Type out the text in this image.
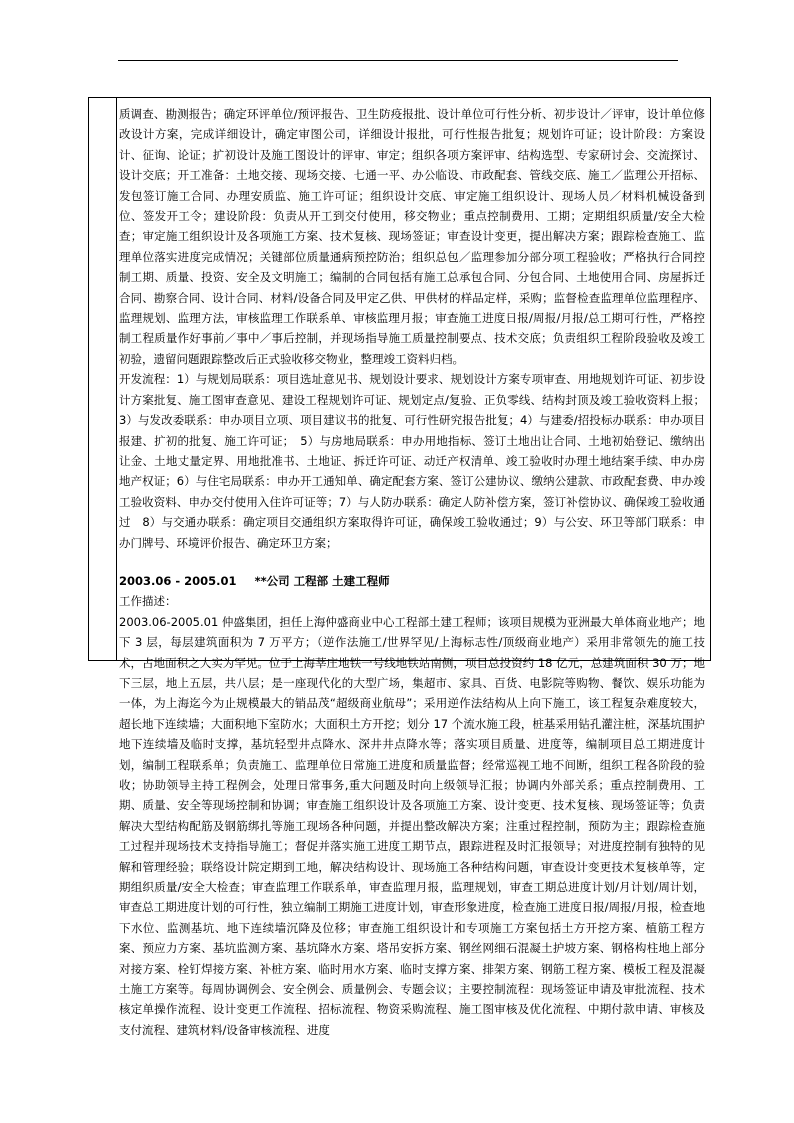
质调查、勘测报告；确定环评单位/预评报告、卫生防疫报批、设计单位可行性分析、初步设计／评审，设计单位修改设计方案，完成详细设计，确定审图公司，详细设计报批，可行性报告批复；规划许可证；设计阶段：方案设计、征询、论证；扩初设计及施工图设计的评审、审定；组织各项方案评审、结构选型、专家研讨会、交流探讨、设计交底；开工准备：土地交接、现场交接、七通一平、办公临设、市政配套、管线交底、施工／监理公开招标、发包签订施工合同、办理安质监、施工许可证；组织设计交底、审定施工组织设计、现场人员／材料机械设备到位、签发开工令；建设阶段：负责从开工到交付使用，移交物业；重点控制费用、工期；定期组织质量/安全大检查；审定施工组织设计及各项施工方案、技术复核、现场签证；审查设计变更，提出解决方案；跟踪检查施工、监理单位落实进度完成情况；关键部位质量通病预控防治；组织总包／监理参加分部分项工程验收；严格执行合同控制工期、质量、投资、安全及文明施工；编制的合同包括有施工总承包合同、分包合同、土地使用合同、房屋拆迁合同、勘察合同、设计合同、材料/设备合同及甲定乙供、甲供材的样品定样，采购；监督检查监理单位监理程序、监理规划、监理方法，审核监理工作联系单、审核监理月报；审查施工进度日报/周报/月报/总工期可行性，严格控制工程质量作好事前／事中／事后控制，并现场指导施工质量控制要点、技术交底；负责组织工程阶段验收及竣工初验，遗留问题跟踪整改后正式验收移交物业，整理竣工资料归档。

开发流程：1）与规划局联系：项目选址意见书、规划设计要求、规划设计方案专项审查、用地规划许可证、初步设计方案批复、施工图审查意见、建设工程规划许可证、规划定点/复验、正负零线、结构封顶及竣工验收资料上报；3）与发改委联系：申办项目立项、项目建议书的批复、可行性研究报告批复；4）与建委/招投标办联系：申办项目报建、扩初的批复、施工许可证；　5）与房地局联系：申办用地指标、签订土地出让合同、土地初始登记、缴纳出让金、土地丈量定界、用地批准书、土地证、拆迁许可证、动迁产权清单、竣工验收时办理土地结案手续、申办房地产权证；6）与住宅局联系：申办开工通知单、确定配套方案、签订公建协议、缴纳公建款、市政配套费、申办竣工验收资料、申办交付使用入住许可证等；7）与人防办联系：确定人防补偿方案，签订补偿协议、确保竣工验收通过　8）与交通办联系：确定项目交通组织方案取得许可证，确保竣工验收通过；9）与公安、环卫等部门联系：申办门牌号、环境评价报告、确定环卫方案；

2003.06 - 2005.01 **公司 工程部 土建工程师

工作描述：

2003.06-2005.01 仲盛集团，担任上海仲盛商业中心工程部土建工程师；该项目规模为亚洲最大单体商业地产；地下 3 层，每层建筑面积为 7 万平方；（逆作法施工/世界罕见/上海标志性/顶级商业地产）采用非常领先的施工技术，占地面积之大实为罕见。位于上海莘庄地铁一号线地铁站南侧，项目总投资约 18 亿元，总建筑面积 30 万；地下三层，地上五层，共八层；是一座现代化的大型广场，集超市、家具、百货、电影院等购物、餐饮、娱乐功能为一体，为上海迄今为止规模最大的销品茂“超级商业航母”；采用逆作法结构从上向下施工，该工程复杂难度较大，超长地下连续墙；大面积地下室防水；大面积土方开挖；划分 17 个流水施工段，桩基采用钻孔灌注桩，深基坑围护地下连续墙及临时支撑，基坑轻型井点降水、深井井点降水等；落实项目质量、进度等，编制项目总工期进度计划，编制工程联系单；负责施工、监理单位日常施工进度和质量监督；经常巡视工地不间断，组织工程各阶段的验收；协助领导主持工程例会，处理日常事务,重大问题及时向上级领导汇报；协调内外部关系；重点控制费用、工期、质量、安全等现场控制和协调；审查施工组织设计及各项施工方案、设计变更、技术复核、现场签证等；负责解决大型结构配筋及钢筋绑扎等施工现场各种问题，并提出整改解决方案；注重过程控制，预防为主；跟踪检查施工过程并现场技术支持指导施工；督促并落实施工进度工期节点，跟踪进程及时汇报领导；对进度控制有独特的见解和管理经验；联络设计院定期到工地，解决结构设计、现场施工各种结构问题，审查设计变更技术复核单等，定期组织质量/安全大检查；审查监理工作联系单，审查监理月报，监理规划，审查工期总进度计划/月计划/周计划，审查总工期进度计划的可行性，独立编制工期施工进度计划，审查形象进度，检查施工进度日报/周报/月报，检查地下水位、监测基坑、地下连续墙沉降及位移；审查施工组织设计和专项施工方案包括土方开挖方案、植筋工程方案、预应力方案、基坑监测方案、基坑降水方案、塔吊安拆方案、钢丝网细石混凝土护坡方案、钢格构柱地上部分对接方案、栓钉焊接方案、补桩方案、临时用水方案、临时支撑方案、排架方案、钢筋工程方案、模板工程及混凝土施工方案等。每周协调例会、安全例会、质量例会、专题会议；主要控制流程：现场签证申请及审批流程、技术核定单操作流程、设计变更工作流程、招标流程、物资采购流程、施工图审核及优化流程、中期付款申请、审核及支付流程、建筑材料/设备审核流程、进度
